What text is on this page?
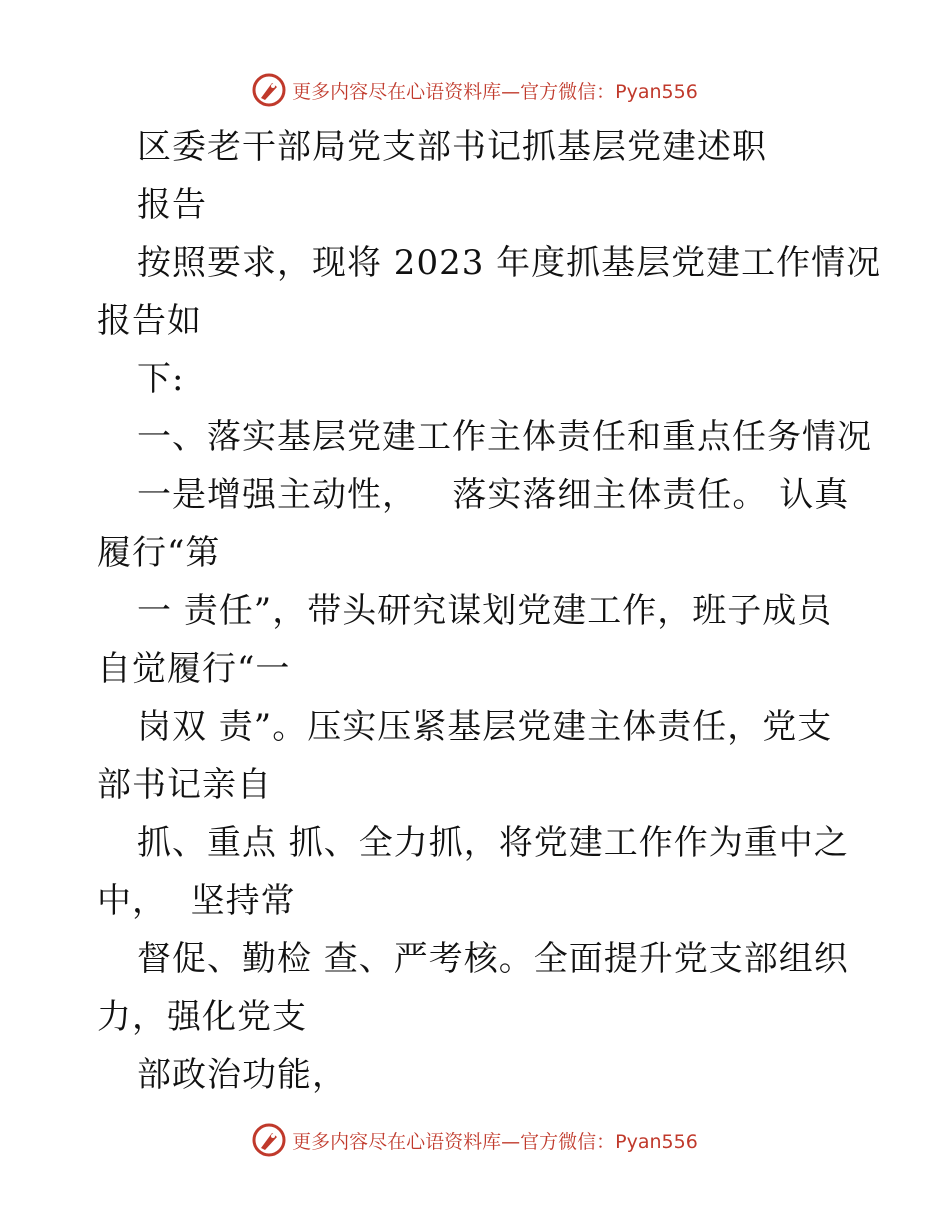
更多内容尽在心语资料库—官方微信：Pyan556
区委老干部局党支部书记抓基层党建述职
报告
按照要求，现将 2023 年度抓基层党建工作情况
报告如
下:
一、落实基层党建工作主体责任和重点任务情况
一是增强主动性，   落实落细主体责任。 认真
履行“第
一 责任”，带头研究谋划党建工作，班子成员
自觉履行“一
岗双 责”。压实压紧基层党建主体责任，党支
部书记亲自
抓、重点 抓、全力抓，将党建工作作为重中之
中，  坚持常
督促、勤检 查、严考核。全面提升党支部组织
力，强化党支
部政治功能，
更多内容尽在心语资料库—官方微信：Pyan556
